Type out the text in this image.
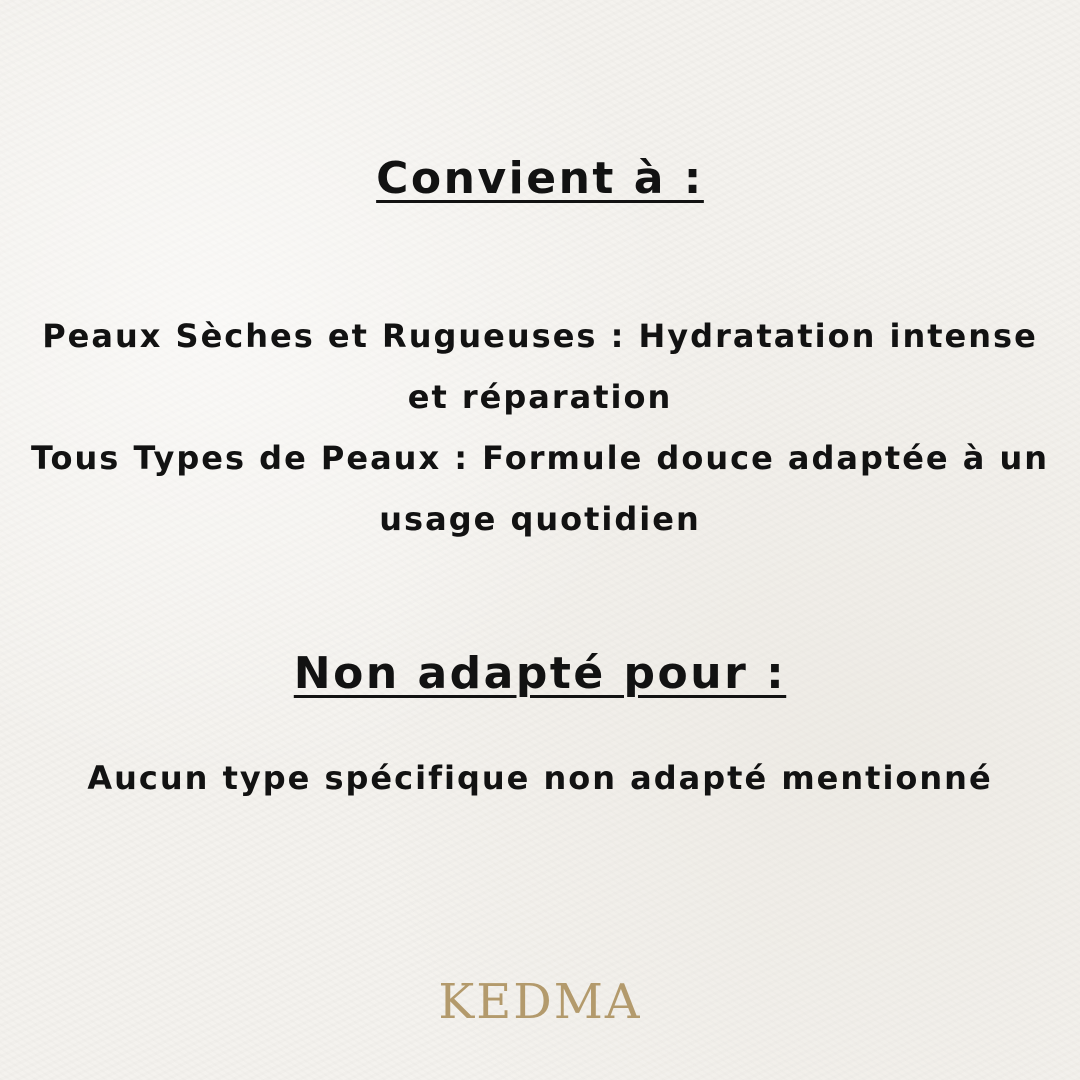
Convient à :

Peaux Sèches et Rugueuses : Hydratation intense et réparation

Tous Types de Peaux : Formule douce adaptée à un usage quotidien

Non adapté pour :
Aucun type spécifique non adapté mentionné
KEDMA
